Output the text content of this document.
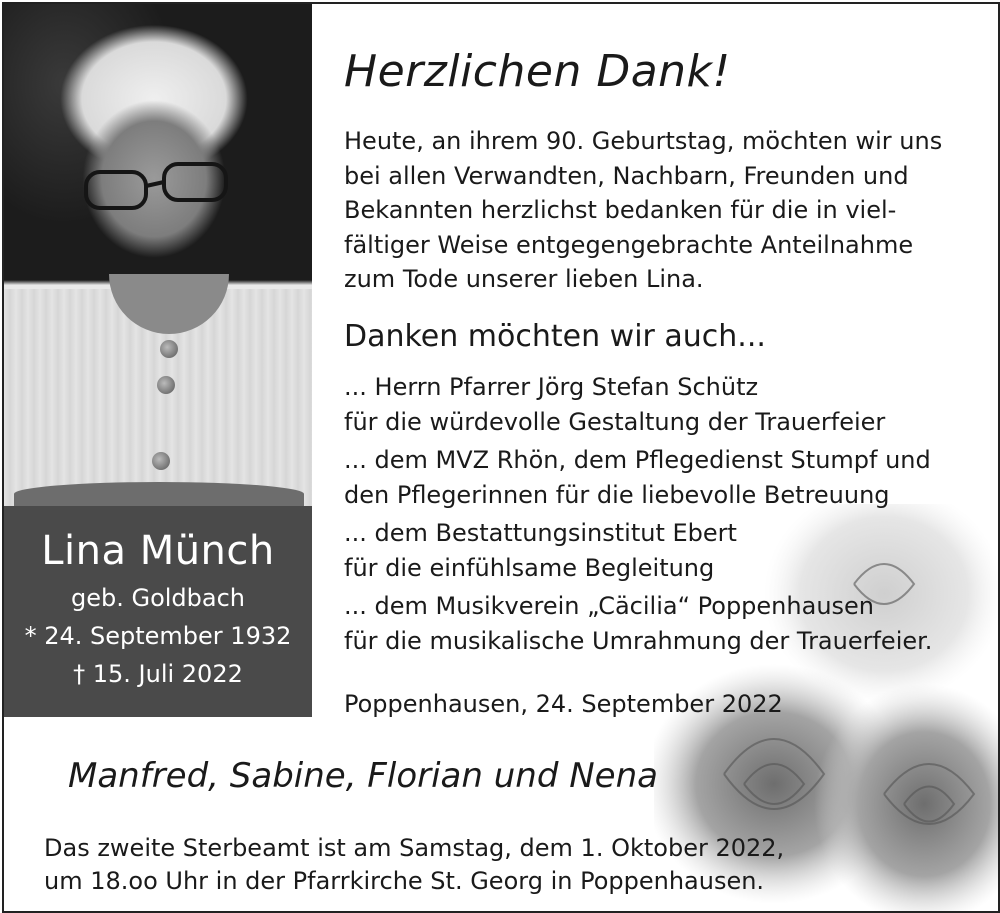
Lina Münch
geb. Goldbach
* 24. September 1932
† 15. Juli 2022
Herzlichen Dank!
Heute, an ihrem 90. Geburtstag, möchten wir uns
bei allen Verwandten, Nachbarn, Freunden und
Bekannten herzlichst bedanken für die in viel-
fältiger Weise entgegengebrachte Anteilnahme
zum Tode unserer lieben Lina.
Danken möchten wir auch...
... Herrn Pfarrer Jörg Stefan Schütz
für die würdevolle Gestaltung der Trauerfeier
... dem MVZ Rhön, dem Pflegedienst Stumpf und
den Pflegerinnen für die liebevolle Betreuung
... dem Bestattungsinstitut Ebert
für die einfühlsame Begleitung
... dem Musikverein „Cäcilia“ Poppenhausen
für die musikalische Umrahmung der Trauerfeier.
Poppenhausen, 24. September 2022
Manfred, Sabine, Florian und Nena
Das zweite Sterbeamt ist am Samstag, dem 1. Oktober 2022,
um 18.oo Uhr in der Pfarrkirche St. Georg in Poppenhausen.
